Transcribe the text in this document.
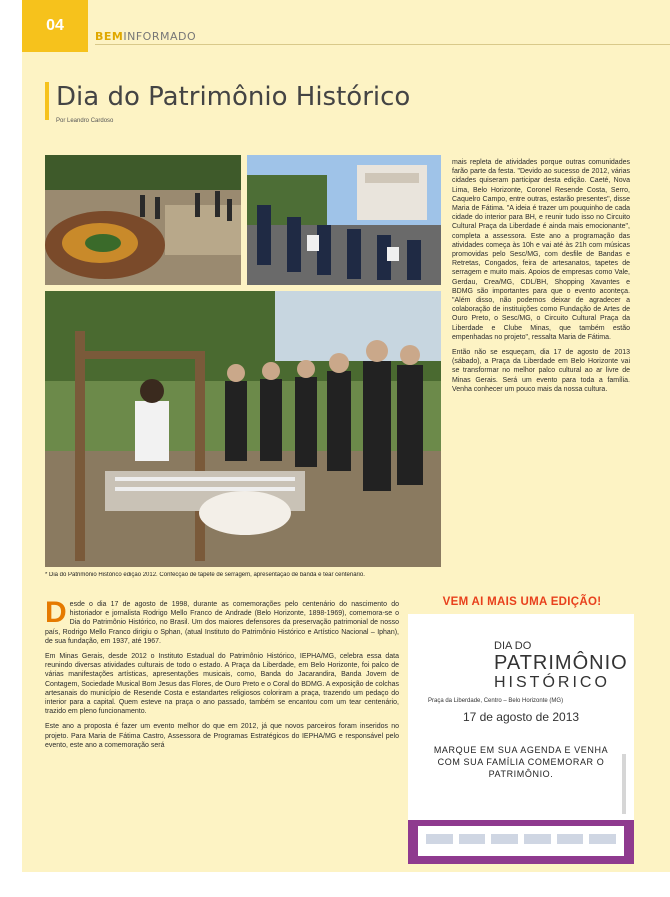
04
BEMINFORMADO
Dia do Patrimônio Histórico
Por Leandro Cardoso
* Dia do Patrimônio Histórico edição 2012. Confecção de tapete de serragem, apresentação de banda e tear centenário.

mais repleta de atividades porque outras comunidades farão parte da festa. "Devido ao sucesso de 2012, várias cidades quiseram participar desta edição. Caeté, Nova Lima, Belo Horizonte, Coronel Resende Costa, Serro, Caquelro Campo, entre outras, estarão presentes", disse Maria de Fátima. "A ideia é trazer um pouquinho de cada cidade do interior para BH, e reunir tudo isso no Circuito Cultural Praça da Liberdade é ainda mais emocionante", completa a assessora. Este ano a programação das atividades começa às 10h e vai até às 21h com músicas promovidas pelo Sesc/MG, com desfile de Bandas e Retretas, Congados, feira de artesanatos, tapetes de serragem e muito mais. Apoios de empresas como Vale, Gerdau, Crea/MG, CDL/BH, Shopping Xavantes e BDMG são importantes para que o evento aconteça. "Além disso, não podemos deixar de agradecer a colaboração de instituições como Fundação de Artes de Ouro Preto, o Sesc/MG, o Circuito Cultural Praça da Liberdade e Clube Minas, que também estão empenhadas no projeto", ressalta Maria de Fátima.

Então não se esqueçam, dia 17 de agosto de 2013 (sábado), a Praça da Liberdade em Belo Horizonte vai se transformar no melhor palco cultural ao ar livre de Minas Gerais. Será um evento para toda a família. Venha conhecer um pouco mais da nossa cultura.

Desde o dia 17 de agosto de 1998, durante as comemorações pelo centenário do nascimento do historiador e jornalista Rodrigo Mello Franco de Andrade (Belo Horizonte, 1898-1969), comemora-se o Dia do Patrimônio Histórico, no Brasil. Um dos maiores defensores da preservação patrimonial de nosso país, Rodrigo Mello Franco dirigiu o Sphan, (atual Instituto do Patrimônio Histórico e Artístico Nacional – Iphan), de sua fundação, em 1937, até 1967.

Em Minas Gerais, desde 2012 o Instituto Estadual do Patrimônio Histórico, IEPHA/MG, celebra essa data reunindo diversas atividades culturais de todo o estado. A Praça da Liberdade, em Belo Horizonte, foi palco de várias manifestações artísticas, apresentações musicais, como, Banda do Jacarandira, Banda Jovem de Contagem, Sociedade Musical Bom Jesus das Flores, de Ouro Preto e o Coral do BDMG. A exposição de colchas artesanais do município de Resende Costa e estandartes religiosos coloriram a praça, trazendo um pedaço do interior para a capital. Quem esteve na praça o ano passado, também se encantou com um tear centenário, trazido em pleno funcionamento.

Este ano a proposta é fazer um evento melhor do que em 2012, já que novos parceiros foram inseridos no projeto. Para Maria de Fátima Castro, Assessora de Programas Estratégicos do IEPHA/MG e responsável pelo evento, este ano a comemoração será

VEM AI MAIS UMA EDIÇÃO!
DIA DO
PATRIMÔNIO
HISTÓRICO
Praça da Liberdade, Centro – Belo Horizonte (MG)
17 de agosto de 2013
MARQUE EM SUA AGENDA E VENHA COM SUA FAMÍLIA COMEMORAR O PATRIMÔNIO.
